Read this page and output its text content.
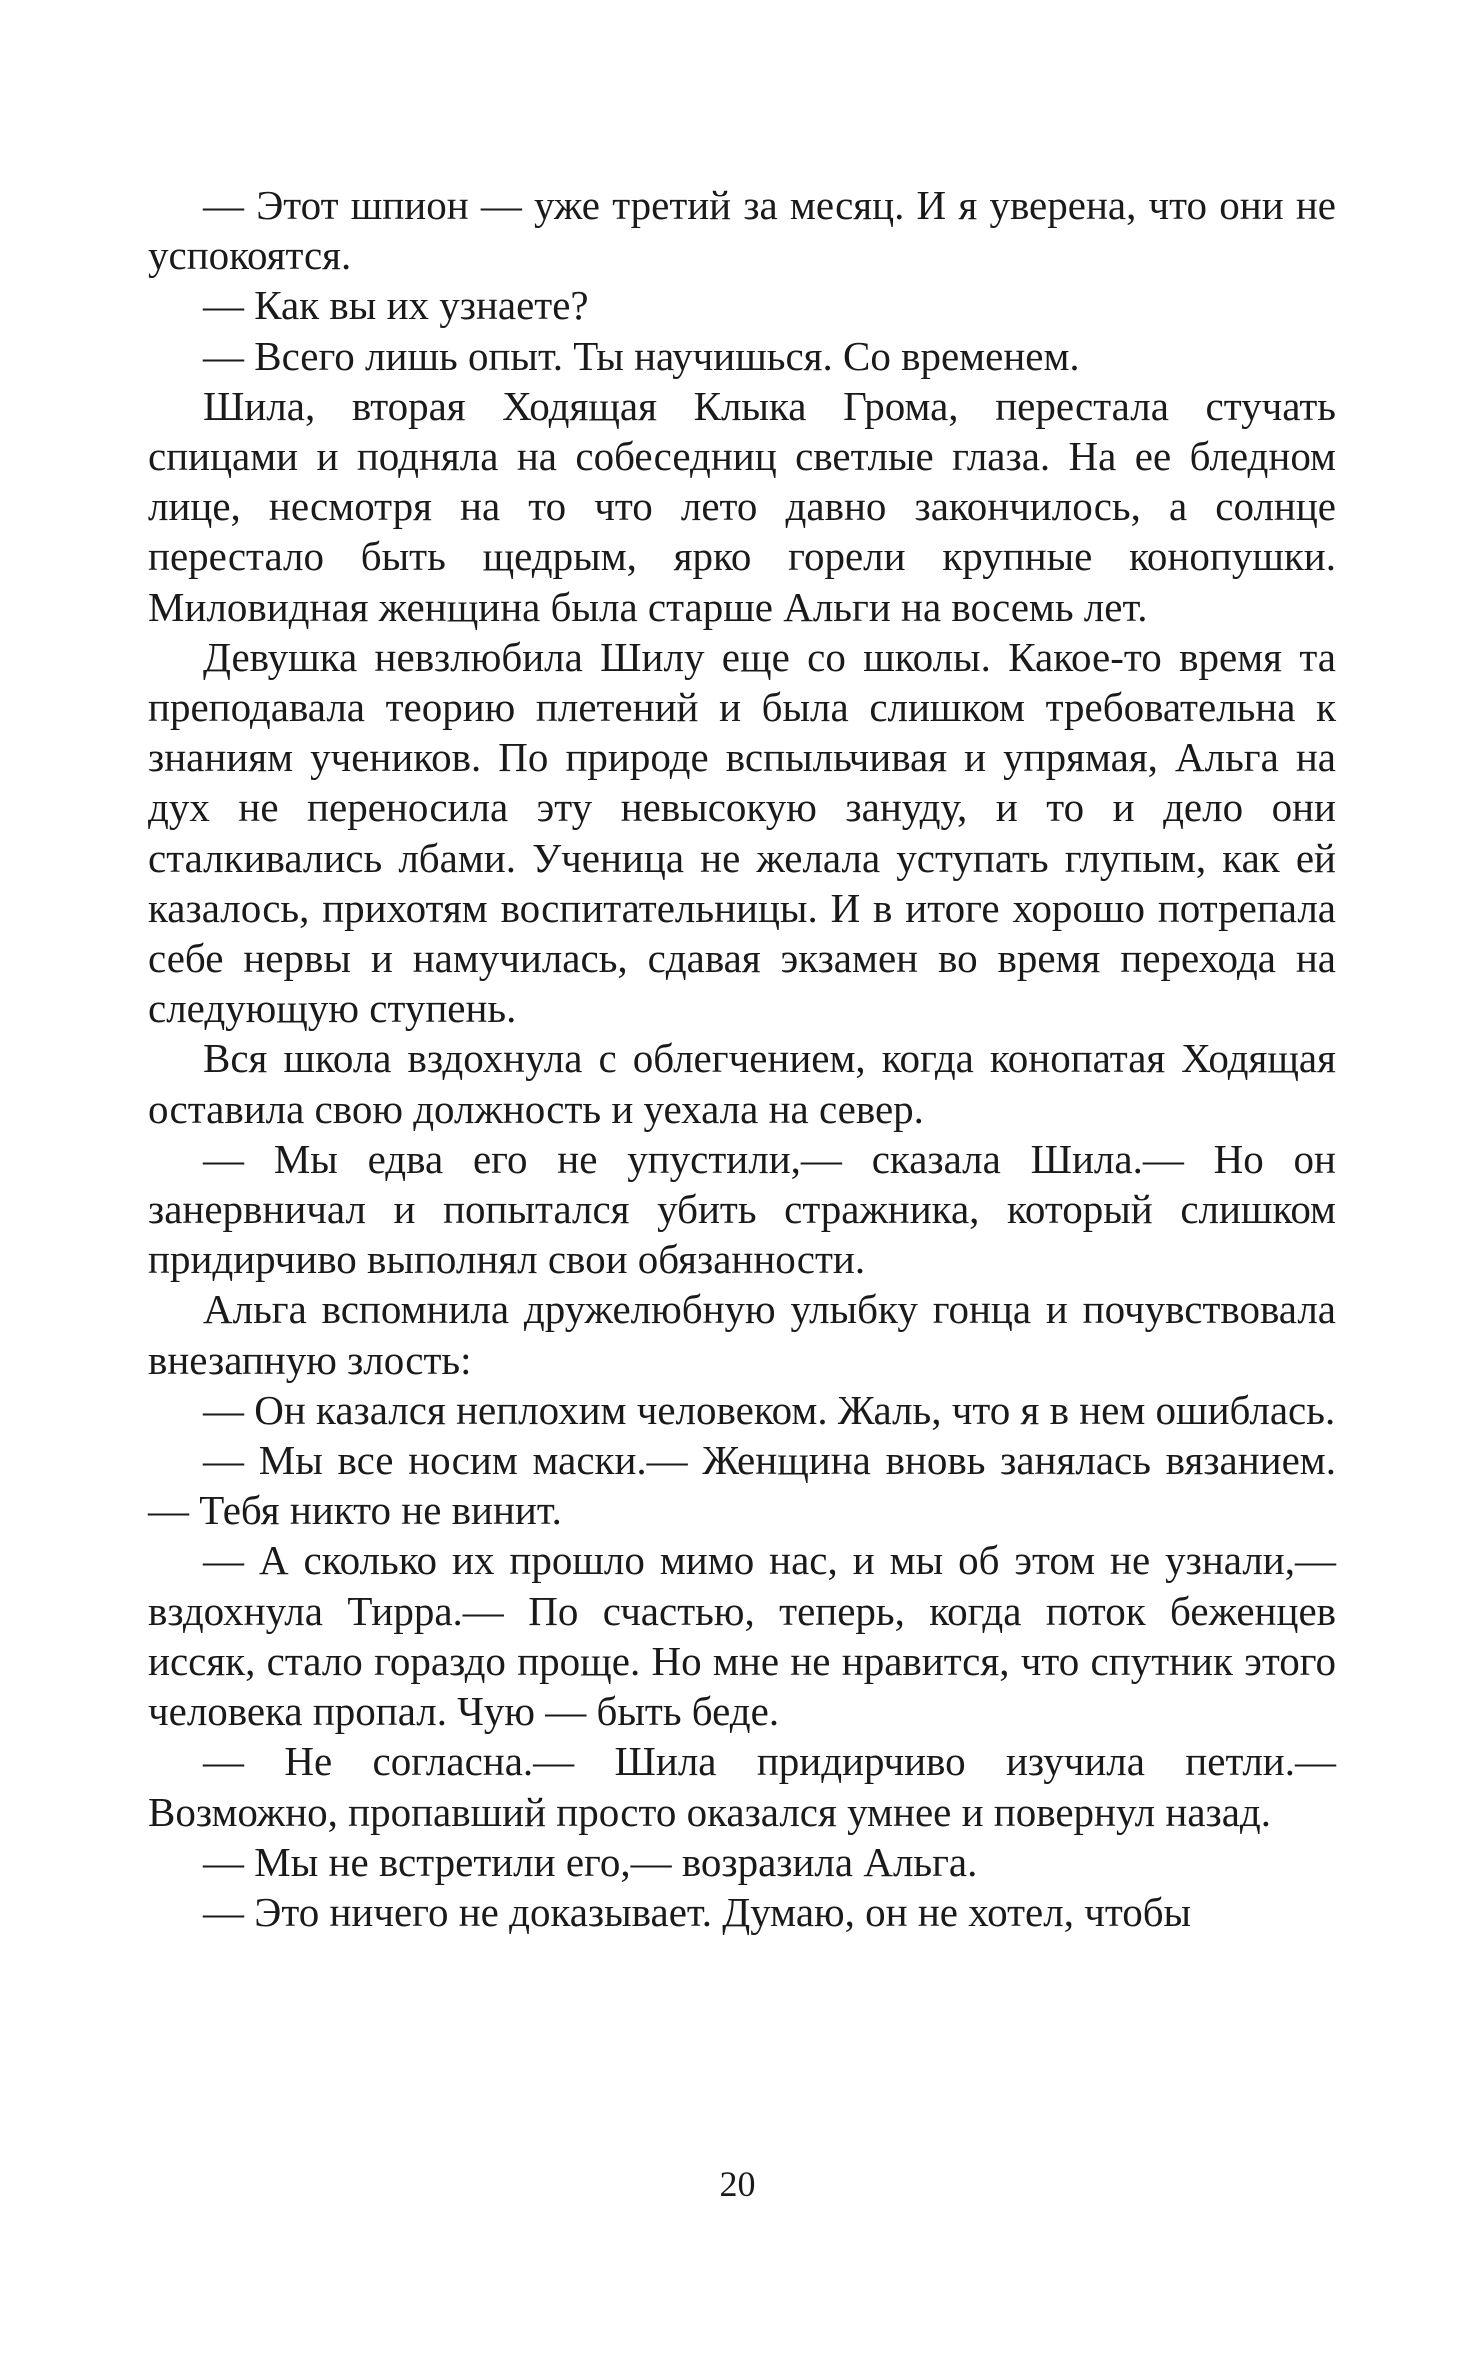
— Этот шпион — уже третий за месяц. И я уверена, что они не успокоятся.

— Как вы их узнаете?

— Всего лишь опыт. Ты научишься. Со временем.

Шила, вторая Ходящая Клыка Грома, перестала стучать спицами и подняла на собеседниц светлые глаза. На ее бледном лице, несмотря на то что лето давно закончилось, а солнце перестало быть щедрым, ярко горели крупные конопушки. Миловидная женщина была старше Альги на восемь лет.

Девушка невзлюбила Шилу еще со школы. Какое-то время та преподавала теорию плетений и была слишком требовательна к знаниям учеников. По природе вспыльчивая и упрямая, Альга на дух не переносила эту невысокую зануду, и то и дело они сталкивались лбами. Ученица не желала уступать глупым, как ей казалось, прихотям воспитательницы. И в итоге хорошо потрепала себе нервы и намучилась, сдавая экзамен во время перехода на следующую ступень.

Вся школа вздохнула с облегчением, когда конопатая Ходящая оставила свою должность и уехала на север.

— Мы едва его не упустили,— сказала Шила.— Но он занервничал и попытался убить стражника, который слишком придирчиво выполнял свои обязанности.

Альга вспомнила дружелюбную улыбку гонца и почувствовала внезапную злость:

— Он казался неплохим человеком. Жаль, что я в нем ошиблась.

— Мы все носим маски.— Женщина вновь занялась вязанием.— Тебя никто не винит.

— А сколько их прошло мимо нас, и мы об этом не узнали,— вздохнула Тирра.— По счастью, теперь, когда поток беженцев иссяк, стало гораздо проще. Но мне не нравится, что спутник этого человека пропал. Чую — быть беде.

— Не согласна.— Шила придирчиво изучила петли.— Возможно, пропавший просто оказался умнее и повернул назад.

— Мы не встретили его,— возразила Альга.

— Это ничего не доказывает. Думаю, он не хотел, чтобы

20
